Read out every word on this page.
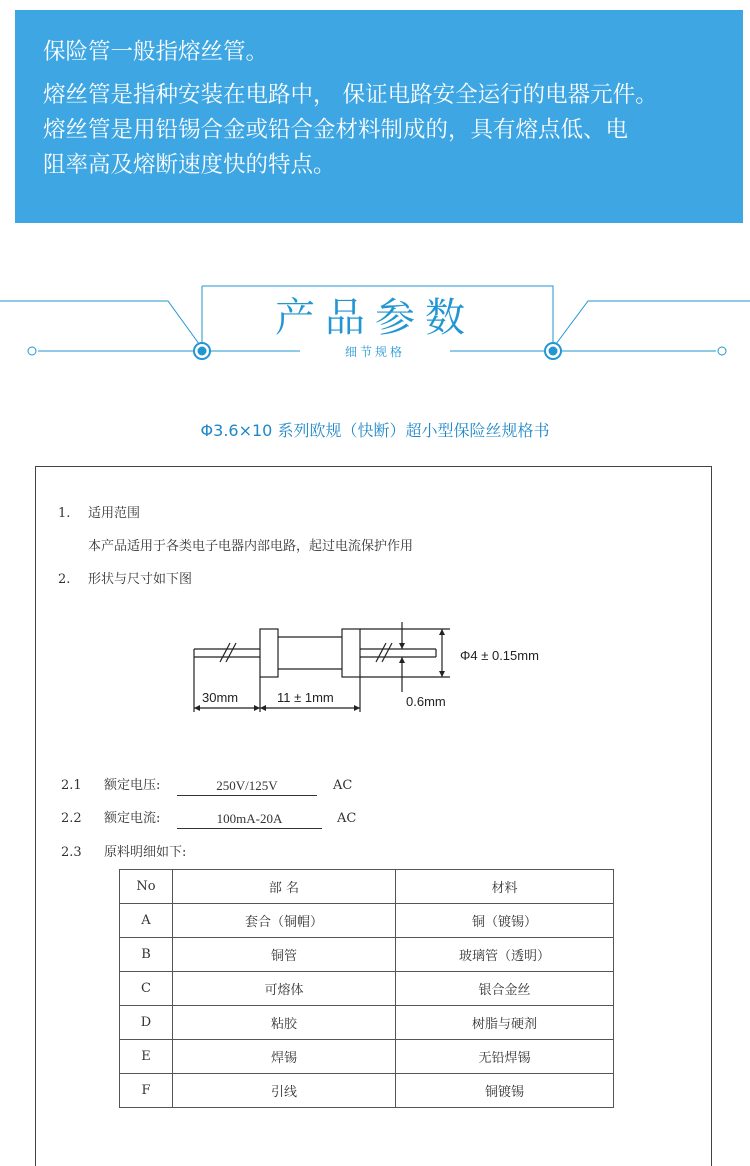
保险管一般指熔丝管。
熔丝管是指种安装在电路中， 保证电路安全运行的电器元件。
熔丝管是用铅锡合金或铅合金材料制成的，具有熔点低、电
阻率高及熔断速度快的特点。
产品参数
细节规格
Φ3.6×10 系列欧规（快断）超小型保险丝规格书
1. 适用范围
本产品适用于各类电子电器内部电路，起过电流保护作用
2. 形状与尺寸如下图
Φ4 ± 0.15mm
30mm	11 ± 1mm	0.6mm
2.1 额定电压:	250V/125V	AC
2.2 额定电流:	100mA-20A	AC
2.3 原料明细如下:
No	部 名	材料
A	套合（铜帽）	铜（镀锡）
B	铜管	玻璃管（透明）
C	可熔体	银合金丝
D	粘胶	树脂与硬剂
E	焊锡	无铅焊锡
F	引线	铜镀锡
